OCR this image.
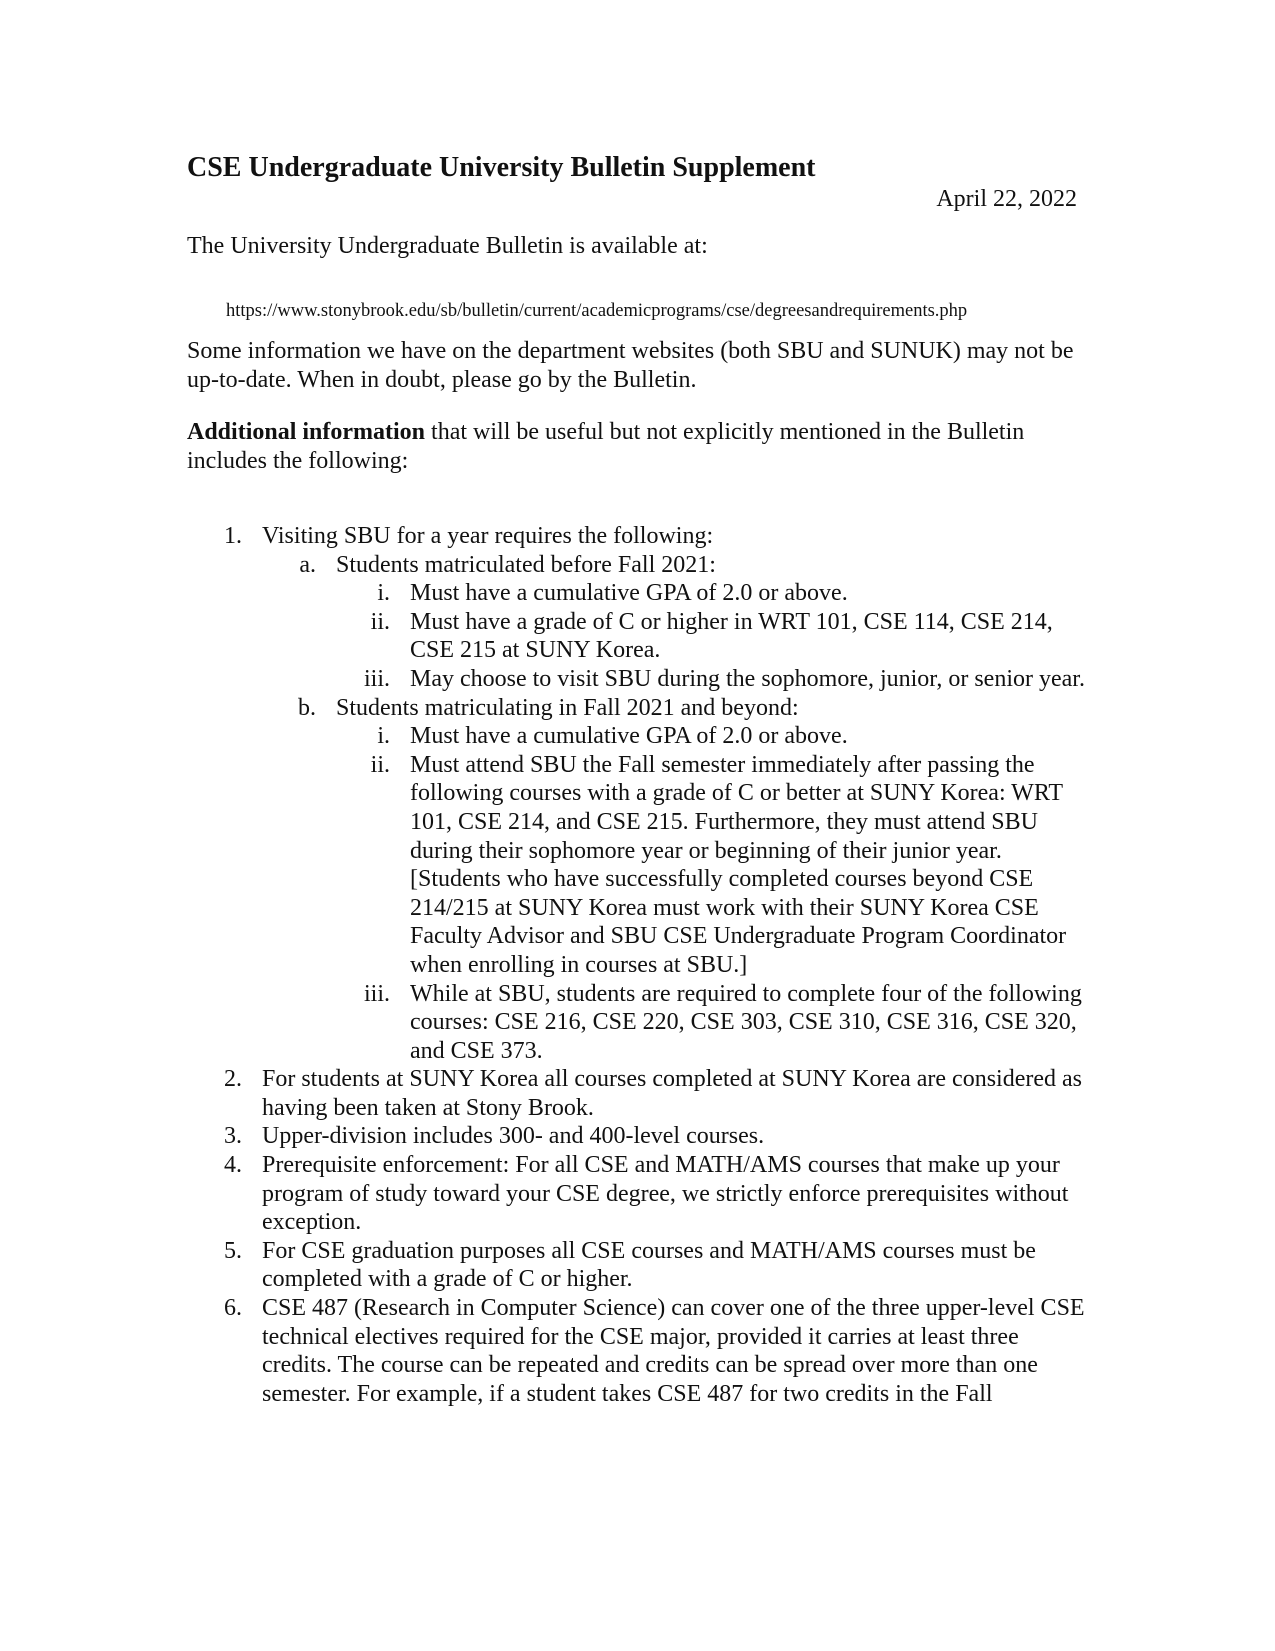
CSE Undergraduate University Bulletin Supplement
April 22, 2022
The University Undergraduate Bulletin is available at:
https://www.stonybrook.edu/sb/bulletin/current/academicprograms/cse/degreesandrequirements.php
Some information we have on the department websites (both SBU and SUNUK) may not be up-to-date. When in doubt, please go by the Bulletin.
Additional information that will be useful but not explicitly mentioned in the Bulletin includes the following:
1. Visiting SBU for a year requires the following:
a. Students matriculated before Fall 2021:
i. Must have a cumulative GPA of 2.0 or above.
ii. Must have a grade of C or higher in WRT 101, CSE 114, CSE 214, CSE 215 at SUNY Korea.
iii. May choose to visit SBU during the sophomore, junior, or senior year.
b. Students matriculating in Fall 2021 and beyond:
i. Must have a cumulative GPA of 2.0 or above.
ii. Must attend SBU the Fall semester immediately after passing the following courses with a grade of C or better at SUNY Korea: WRT 101, CSE 214, and CSE 215. Furthermore, they must attend SBU during their sophomore year or beginning of their junior year. [Students who have successfully completed courses beyond CSE 214/215 at SUNY Korea must work with their SUNY Korea CSE Faculty Advisor and SBU CSE Undergraduate Program Coordinator when enrolling in courses at SBU.]
iii. While at SBU, students are required to complete four of the following courses: CSE 216, CSE 220, CSE 303, CSE 310, CSE 316, CSE 320, and CSE 373.
2. For students at SUNY Korea all courses completed at SUNY Korea are considered as having been taken at Stony Brook.
3. Upper-division includes 300- and 400-level courses.
4. Prerequisite enforcement: For all CSE and MATH/AMS courses that make up your program of study toward your CSE degree, we strictly enforce prerequisites without exception.
5. For CSE graduation purposes all CSE courses and MATH/AMS courses must be completed with a grade of C or higher.
6. CSE 487 (Research in Computer Science) can cover one of the three upper-level CSE technical electives required for the CSE major, provided it carries at least three credits. The course can be repeated and credits can be spread over more than one semester. For example, if a student takes CSE 487 for two credits in the Fall
